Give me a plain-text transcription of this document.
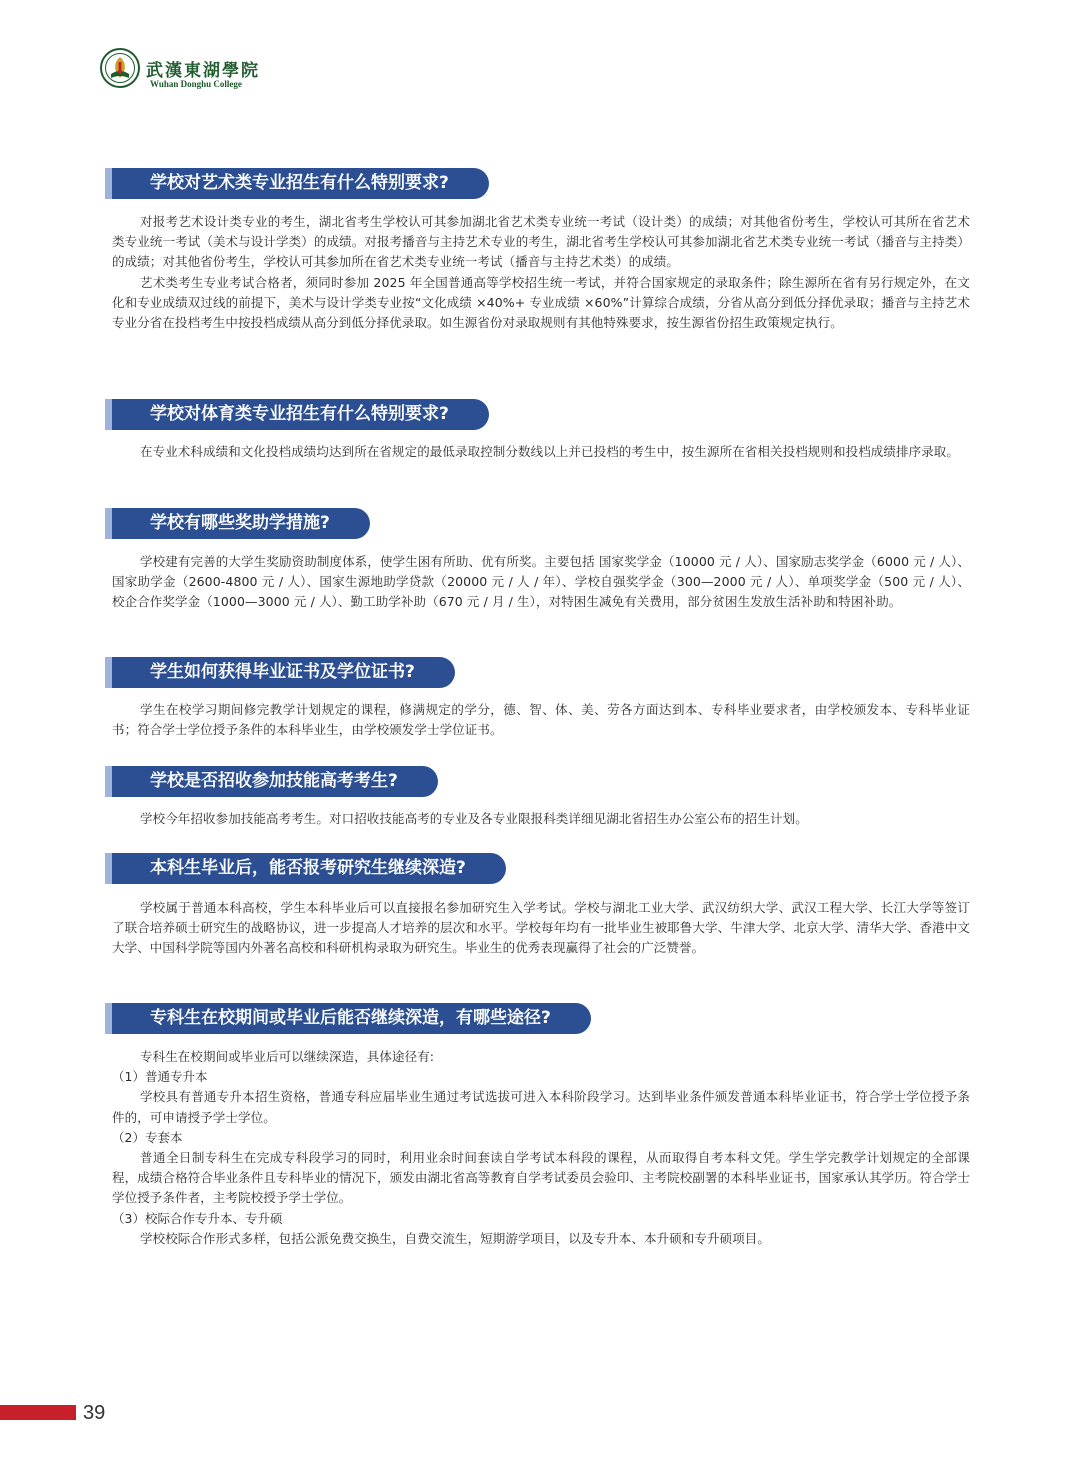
武漢東湖學院
Wuhan Donghu College
学校对艺术类专业招生有什么特别要求?

对报考艺术设计类专业的考生，湖北省考生学校认可其参加湖北省艺术类专业统一考试（设计类）的成绩；对其他省份考生，学校认可其所在省艺术类专业统一考试（美术与设计学类）的成绩。对报考播音与主持艺术专业的考生，湖北省考生学校认可其参加湖北省艺术类专业统一考试（播音与主持类）的成绩；对其他省份考生，学校认可其参加所在省艺术类专业统一考试（播音与主持艺术类）的成绩。

艺术类考生专业考试合格者，须同时参加 2025 年全国普通高等学校招生统一考试，并符合国家规定的录取条件；除生源所在省有另行规定外，在文化和专业成绩双过线的前提下，美术与设计学类专业按“文化成绩 ×40%+ 专业成绩 ×60%”计算综合成绩，分省从高分到低分择优录取；播音与主持艺术专业分省在投档考生中按投档成绩从高分到低分择优录取。如生源省份对录取规则有其他特殊要求，按生源省份招生政策规定执行。

学校对体育类专业招生有什么特别要求?

在专业术科成绩和文化投档成绩均达到所在省规定的最低录取控制分数线以上并已投档的考生中，按生源所在省相关投档规则和投档成绩排序录取。

学校有哪些奖助学措施?

学校建有完善的大学生奖励资助制度体系，使学生困有所助、优有所奖。主要包括 国家奖学金（10000 元 / 人）、国家励志奖学金（6000 元 / 人）、国家助学金（2600-4800 元 / 人）、国家生源地助学贷款（20000 元 / 人 / 年）、学校自强奖学金（300—2000 元 / 人）、单项奖学金（500 元 / 人）、校企合作奖学金（1000—3000 元 / 人）、勤工助学补助（670 元 / 月 / 生），对特困生减免有关费用，部分贫困生发放生活补助和特困补助。

学生如何获得毕业证书及学位证书?

学生在校学习期间修完教学计划规定的课程，修满规定的学分，德、智、体、美、劳各方面达到本、专科毕业要求者，由学校颁发本、专科毕业证书；符合学士学位授予条件的本科毕业生，由学校颁发学士学位证书。

学校是否招收参加技能高考考生?

学校今年招收参加技能高考考生。对口招收技能高考的专业及各专业限报科类详细见湖北省招生办公室公布的招生计划。

本科生毕业后，能否报考研究生继续深造?

学校属于普通本科高校，学生本科毕业后可以直接报名参加研究生入学考试。学校与湖北工业大学、武汉纺织大学、武汉工程大学、长江大学等签订了联合培养硕士研究生的战略协议，进一步提高人才培养的层次和水平。学校每年均有一批毕业生被耶鲁大学、牛津大学、北京大学、清华大学、香港中文大学、中国科学院等国内外著名高校和科研机构录取为研究生。毕业生的优秀表现赢得了社会的广泛赞誉。

专科生在校期间或毕业后能否继续深造，有哪些途径?

专科生在校期间或毕业后可以继续深造，具体途径有:

（1）普通专升本

学校具有普通专升本招生资格，普通专科应届毕业生通过考试选拔可进入本科阶段学习。达到毕业条件颁发普通本科毕业证书，符合学士学位授予条件的，可申请授予学士学位。

（2）专套本

普通全日制专科生在完成专科段学习的同时，利用业余时间套读自学考试本科段的课程，从而取得自考本科文凭。学生学完教学计划规定的全部课程，成绩合格符合毕业条件且专科毕业的情况下，颁发由湖北省高等教育自学考试委员会验印、主考院校副署的本科毕业证书，国家承认其学历。符合学士学位授予条件者，主考院校授予学士学位。

（3）校际合作专升本、专升硕

学校校际合作形式多样，包括公派免费交换生，自费交流生，短期游学项目，以及专升本、本升硕和专升硕项目。

39
